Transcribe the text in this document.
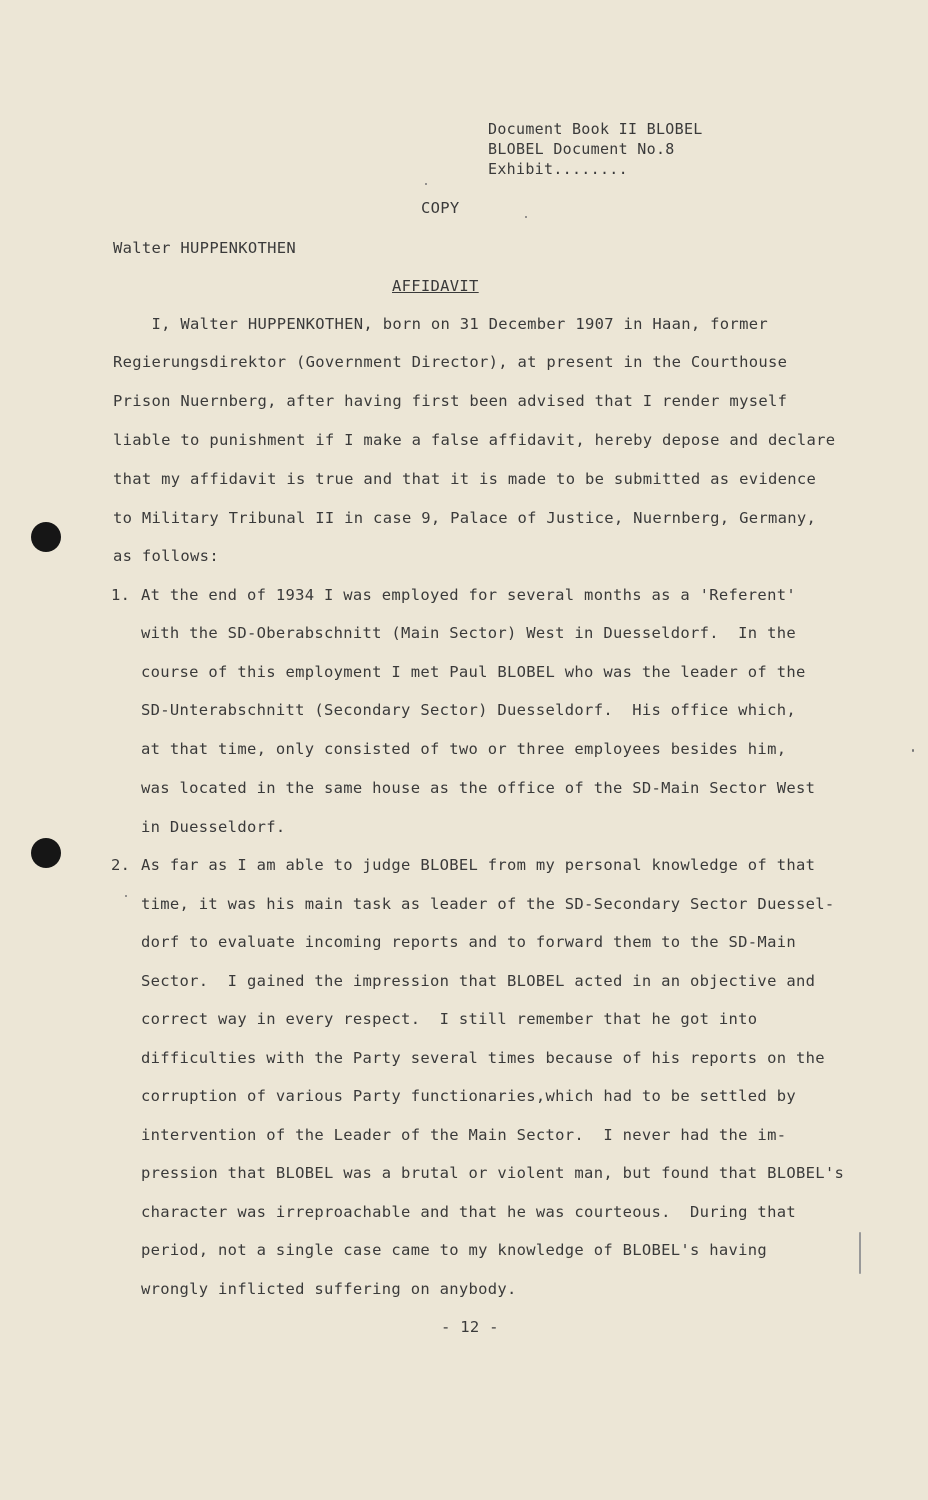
Document Book II BLOBEL
BLOBEL Document No.8
Exhibit........
COPY
Walter HUPPENKOTHEN
AFFIDAVIT
I, Walter HUPPENKOTHEN, born on 31 December 1907 in Haan, former
Regierungsdirektor (Government Director), at present in the Courthouse
Prison Nuernberg, after having first been advised that I render myself
liable to punishment if I make a false affidavit, hereby depose and declare
that my affidavit is true and that it is made to be submitted as evidence
to Military Tribunal II in case 9, Palace of Justice, Nuernberg, Germany,
as follows:
1. At the end of 1934 I was employed for several months as a 'Referent'
with the SD-Oberabschnitt (Main Sector) West in Duesseldorf.  In the
course of this employment I met Paul BLOBEL who was the leader of the
SD-Unterabschnitt (Secondary Sector) Duesseldorf.  His office which,
at that time, only consisted of two or three employees besides him,
was located in the same house as the office of the SD-Main Sector West
in Duesseldorf.
2. As far as I am able to judge BLOBEL from my personal knowledge of that
time, it was his main task as leader of the SD-Secondary Sector Duessel-
dorf to evaluate incoming reports and to forward them to the SD-Main
Sector.  I gained the impression that BLOBEL acted in an objective and
correct way in every respect.  I still remember that he got into
difficulties with the Party several times because of his reports on the
corruption of various Party functionaries,which had to be settled by
intervention of the Leader of the Main Sector.  I never had the im-
pression that BLOBEL was a brutal or violent man, but found that BLOBEL's
character was irreproachable and that he was courteous.  During that
period, not a single case came to my knowledge of BLOBEL's having
wrongly inflicted suffering on anybody.
- 12 -
